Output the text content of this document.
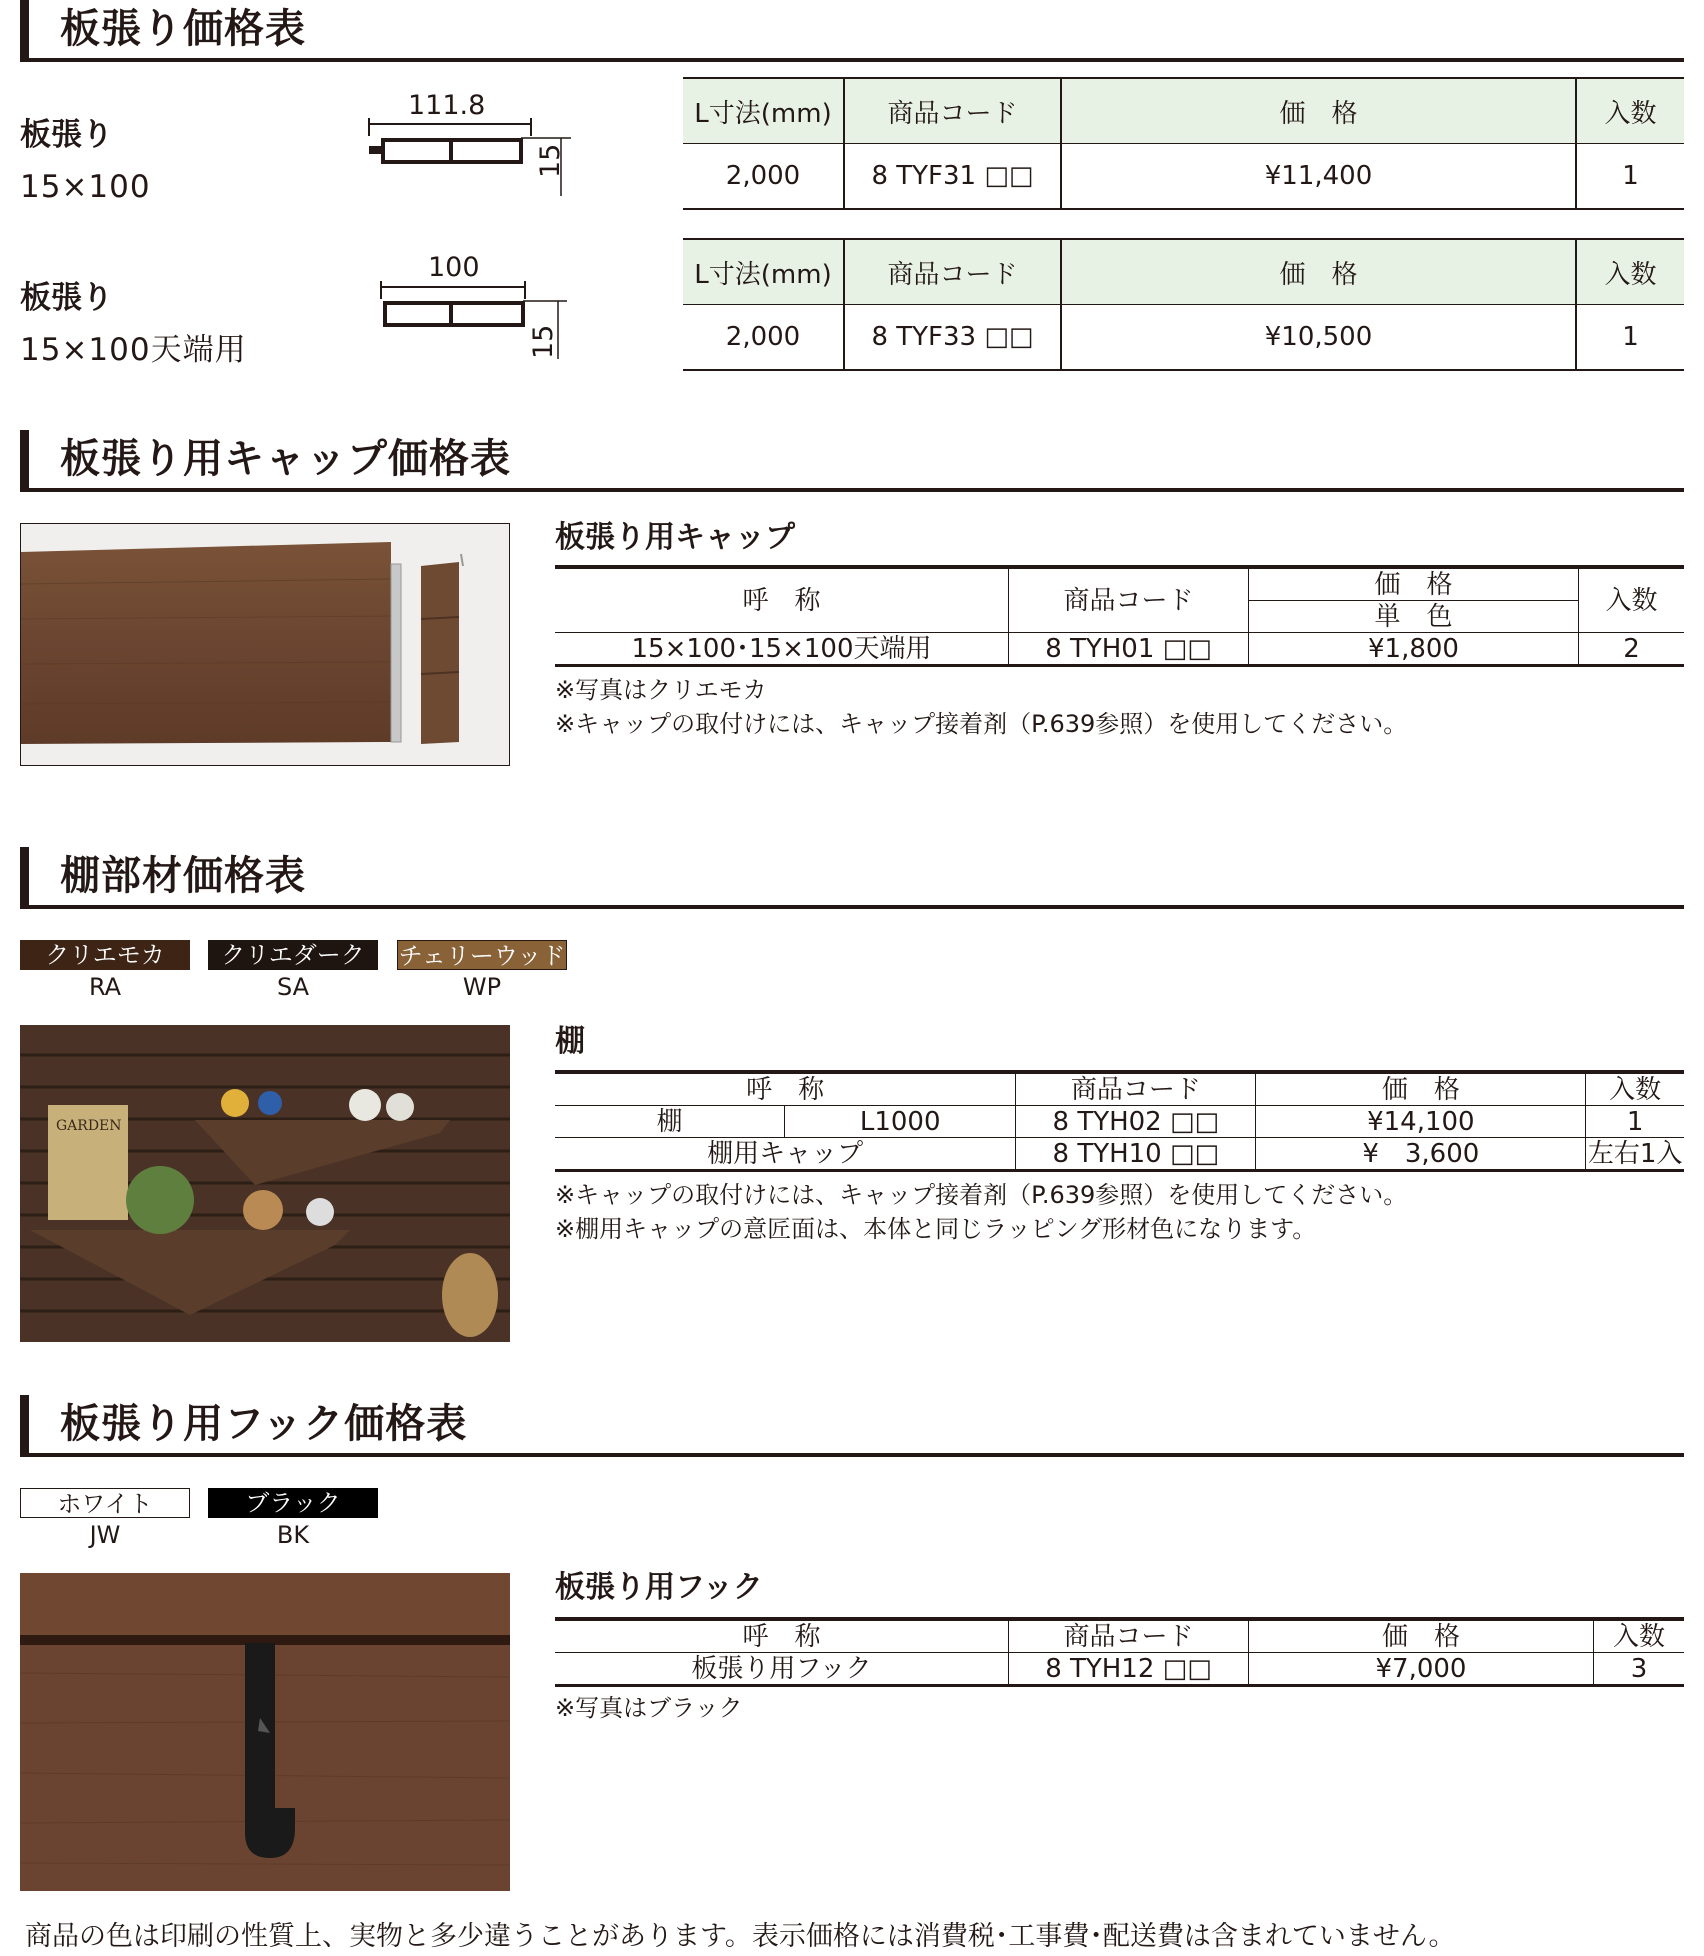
板張り価格表
板張り
15×100
111.8
15
L寸法(mm)	商品コード	価　格	入数
2,000	8 TYF31 □□	¥11,400	1
板張り
15×100天端用
100
15
L寸法(mm)	商品コード	価　格	入数
2,000	8 TYF33 □□	¥10,500	1
板張り用キャップ価格表
板張り用キャップ
呼　称	商品コード	価　格	入数
		単　色	
15×100･15×100天端用	8 TYH01 □□	¥1,800	2
※写真はクリエモカ
※キャップの取付けには、キャップ接着剤（P.639参照）を使用してください。
棚部材価格表
クリエモカ
RA
クリエダーク
SA
チェリーウッド
WP
GARDEN
棚
呼　称		商品コード	価　格	入数
棚	L1000	8 TYH02 □□	¥14,100	1
棚用キャップ		8 TYH10 □□	¥　3,600	左右1入
※キャップの取付けには、キャップ接着剤（P.639参照）を使用してください。
※棚用キャップの意匠面は、本体と同じラッピング形材色になります。
板張り用フック価格表
ホワイト
JW
ブラック
BK
板張り用フック
呼　称	商品コード	価　格	入数
板張り用フック	8 TYH12 □□	¥7,000	3
※写真はブラック
商品の色は印刷の性質上、実物と多少違うことがあります。表示価格には消費税･工事費･配送費は含まれていません。
